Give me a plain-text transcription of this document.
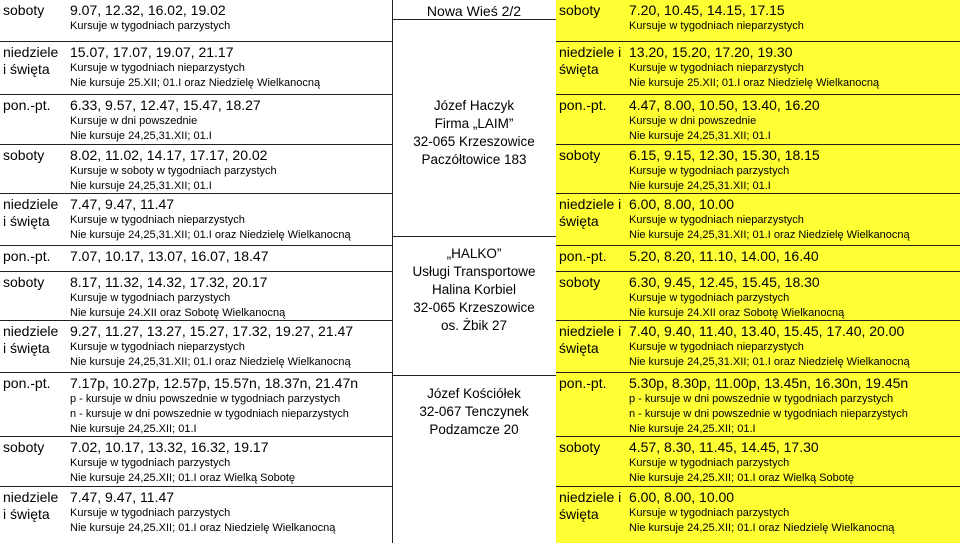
soboty 9.07, 12.32, 16.02, 19.02
Kursuje w tygodniach parzystych
niedziele i święta
15.07, 17.07, 19.07, 21.17
Kursuje w tygodniach nieparzystych
Nie kursuje 25.XII; 01.I oraz Niedzielę Wielkanocną
pon.-pt. 6.33, 9.57, 12.47, 15.47, 18.27
Kursuje w dni powszednie
Nie kursuje 24,25,31.XII; 01.I
soboty 8.02, 11.02, 14.17, 17.17, 20.02
Kursuje w soboty w tygodniach parzystych
Nie kursuje 24,25,31.XII; 01.I
niedziele i święta
7.47, 9.47, 11.47
Kursuje w tygodniach nieparzystych
Nie kursuje 24,25,31.XII; 01.I oraz Niedzielę Wielkanocną
pon.-pt. 7.07, 10.17, 13.07, 16.07, 18.47
soboty 8.17, 11.32, 14.32, 17.32, 20.17
Kursuje w tygodniach parzystych
Nie kursuje 24.XII oraz Sobotę Wielkanocną
niedziele i święta
9.27, 11.27, 13.27, 15.27, 17.32, 19.27, 21.47
Kursuje w tygodniach nieparzystych
Nie kursuje 24,25,31.XII; 01.I oraz Niedzielę Wielkanocną
pon.-pt. 7.17p, 10.27p, 12.57p, 15.57n, 18.37n, 21.47n
p - kursuje w dniu powszednie w tygodniach parzystych
n - kursuje w dni powszednie w tygodniach nieparzystych
Nie kursuje 24,25.XII; 01.I
soboty 7.02, 10.17, 13.32, 16.32, 19.17
Kursuje w tygodniach parzystych
Nie kursuje 24,25.XII; 01.I oraz Wielką Sobotę
niedziele i święta
7.47, 9.47, 11.47
Kursuje w tygodniach parzystych
Nie kursuje 24,25.XII; 01.I oraz Niedzielę Wielkanocną
Nowa Wieś 2/2
Józef Haczyk
Firma „LAIM”
32-065 Krzeszowice
Paczółtowice 183
„HALKO”
Usługi Transportowe
Halina Korbiel
32-065 Krzeszowice
os. Żbik 27
Józef Kościółek
32-067 Tenczynek
Podzamcze 20
soboty 7.20, 10.45, 14.15, 17.15
Kursuje w tygodniach nieparzystych
niedziele i święta
13.20, 15.20, 17.20, 19.30
Kursuje w tygodniach nieparzystych
Nie kursuje 25.XII; 01.I oraz Niedzielę Wielkanocną
pon.-pt. 4.47, 8.00, 10.50, 13.40, 16.20
Kursuje w dni powszednie
Nie kursuje 24,25,31.XII; 01.I
soboty 6.15, 9.15, 12.30, 15.30, 18.15
Kursuje w tygodniach parzystych
Nie kursuje 24,25,31.XII; 01.I
niedziele i święta
6.00, 8.00, 10.00
Kursuje w tygodniach nieparzystych
Nie kursuje 24,25,31.XII; 01.I oraz Niedzielę Wielkanocną
pon.-pt. 5.20, 8.20, 11.10, 14.00, 16.40
soboty 6.30, 9.45, 12.45, 15.45, 18.30
Kursuje w tygodniach parzystych
Nie kursuje 24.XII oraz Sobotę Wielkanocną
niedziele i święta
7.40, 9.40, 11.40, 13.40, 15.45, 17.40, 20.00
Kursuje w tygodniach nieparzystych
Nie kursuje 24,25,31.XII; 01.I oraz Niedzielę Wielkanocną
pon.-pt. 5.30p, 8.30p, 11.00p, 13.45n, 16.30n, 19.45n
p - kursuje w dni powszednie w tygodniach parzystych
n - kursuje w dni powszednie w tygodniach nieparzystych
Nie kursuje 24,25.XII; 01.I
soboty 4.57, 8.30, 11.45, 14.45, 17.30
Kursuje w tygodniach parzystych
Nie kursuje 24,25.XII; 01.I oraz Wielką Sobotę
niedziele i święta
6.00, 8.00, 10.00
Kursuje w tygodniach parzystych
Nie kursuje 24,25.XII; 01.I oraz Niedzielę Wielkanocną
